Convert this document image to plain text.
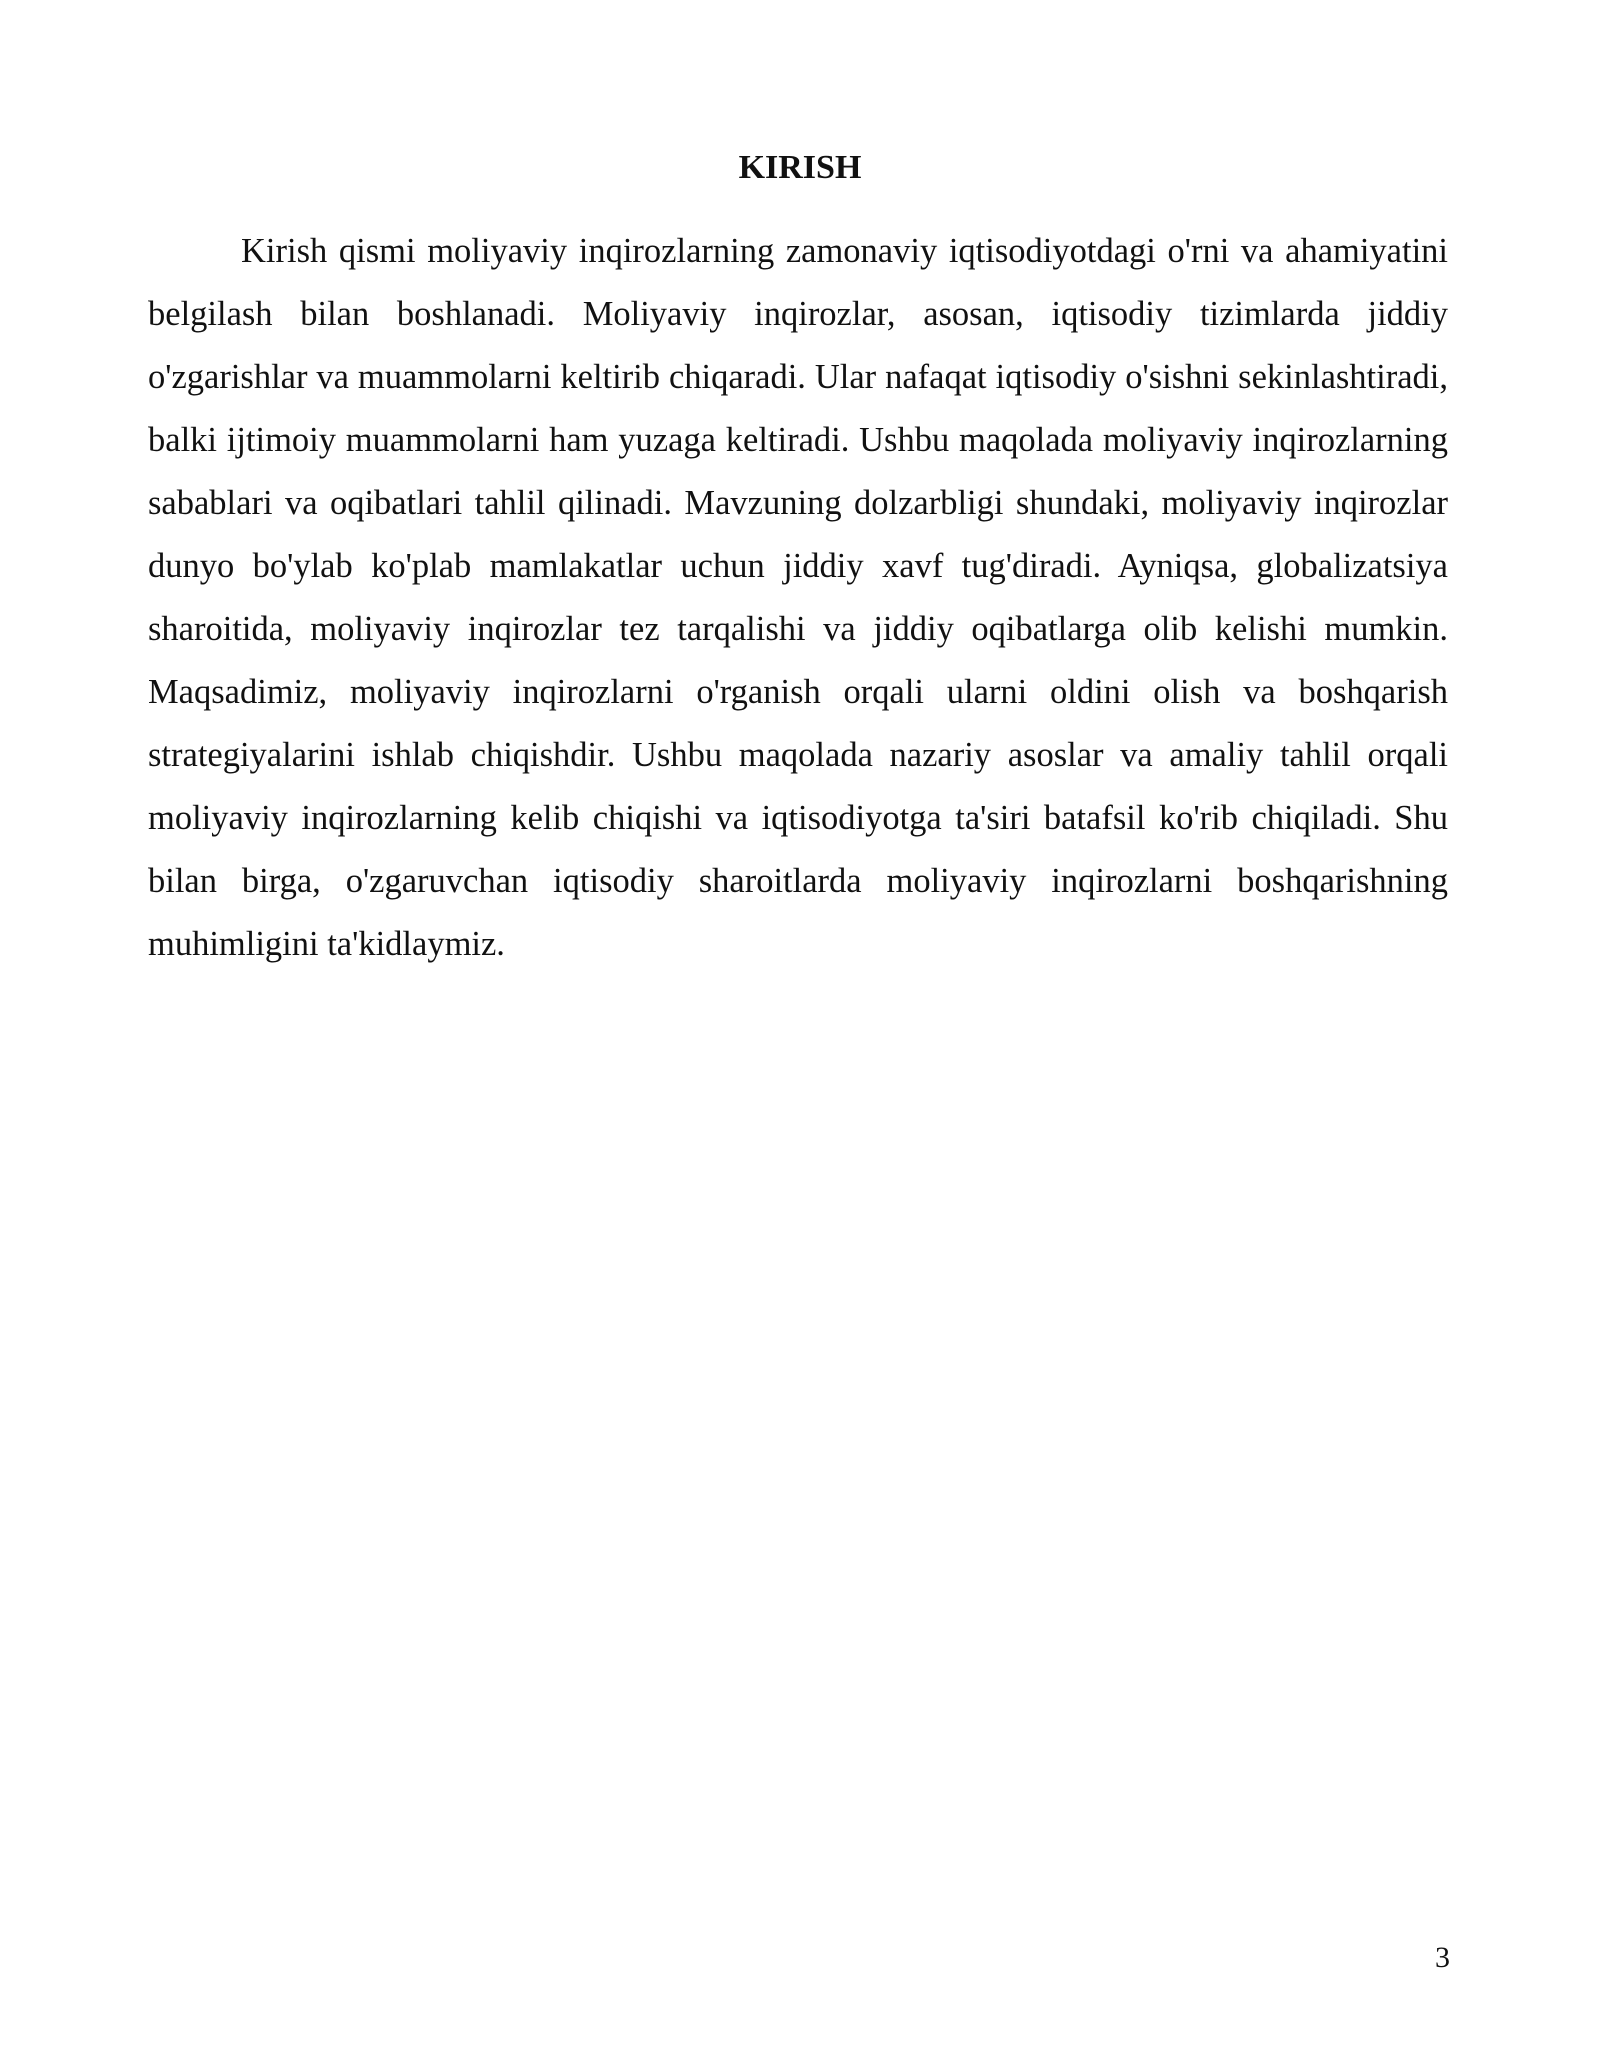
KIRISH

Kirish qismi moliyaviy inqirozlarning zamonaviy iqtisodiyotdagi o'rni va ahamiyatini belgilash bilan boshlanadi. Moliyaviy inqirozlar, asosan, iqtisodiy tizimlarda jiddiy o'zgarishlar va muammolarni keltirib chiqaradi. Ular nafaqat iqtisodiy o'sishni sekinlashtiradi, balki ijtimoiy muammolarni ham yuzaga keltiradi. Ushbu maqolada moliyaviy inqirozlarning sabablari va oqibatlari tahlil qilinadi. Mavzuning dolzarbligi shundaki, moliyaviy inqirozlar dunyo bo'ylab ko'plab mamlakatlar uchun jiddiy xavf tug'diradi. Ayniqsa, globalizatsiya sharoitida, moliyaviy inqirozlar tez tarqalishi va jiddiy oqibatlarga olib kelishi mumkin. Maqsadimiz, moliyaviy inqirozlarni o'rganish orqali ularni oldini olish va boshqarish strategiyalarini ishlab chiqishdir. Ushbu maqolada nazariy asoslar va amaliy tahlil orqali moliyaviy inqirozlarning kelib chiqishi va iqtisodiyotga ta'siri batafsil ko'rib chiqiladi. Shu bilan birga, o'zgaruvchan iqtisodiy sharoitlarda moliyaviy inqirozlarni boshqarishning muhimligini ta'kidlaymiz.

3
